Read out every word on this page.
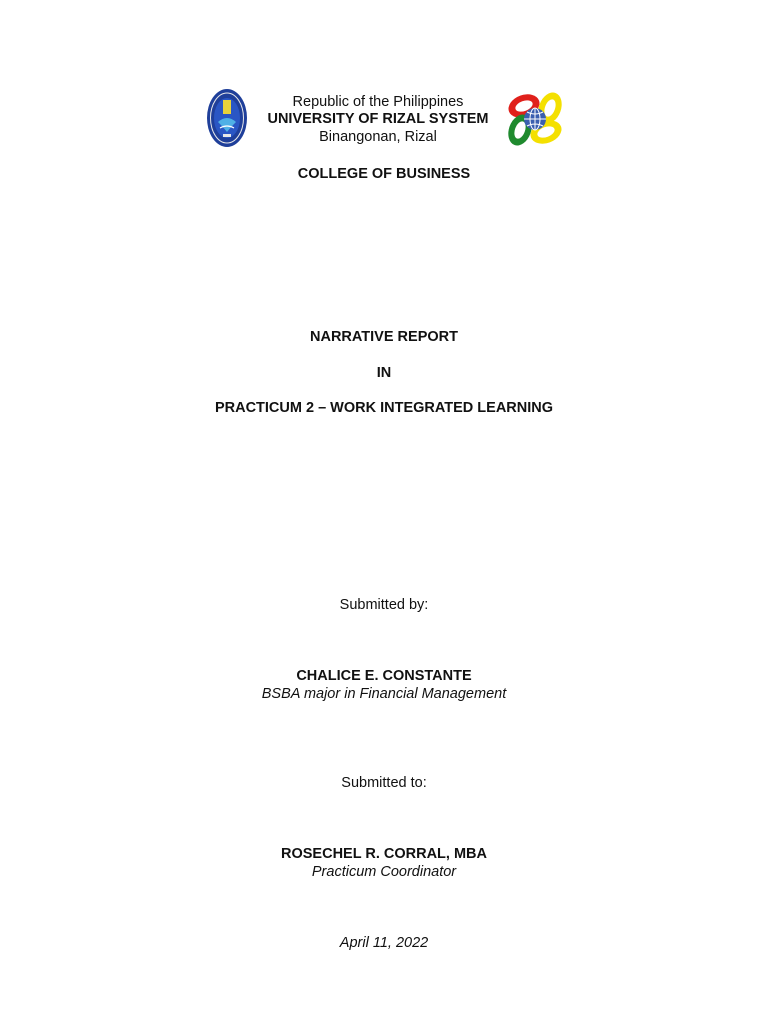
Republic of the Philippines
UNIVERSITY OF RIZAL SYSTEM
Binangonan, Rizal
COLLEGE OF BUSINESS
NARRATIVE REPORT
IN
PRACTICUM 2 – WORK INTEGRATED LEARNING
Submitted by:
CHALICE E. CONSTANTE
BSBA major in Financial Management
Submitted to:
ROSECHEL R. CORRAL, MBA
Practicum Coordinator
April 11, 2022
